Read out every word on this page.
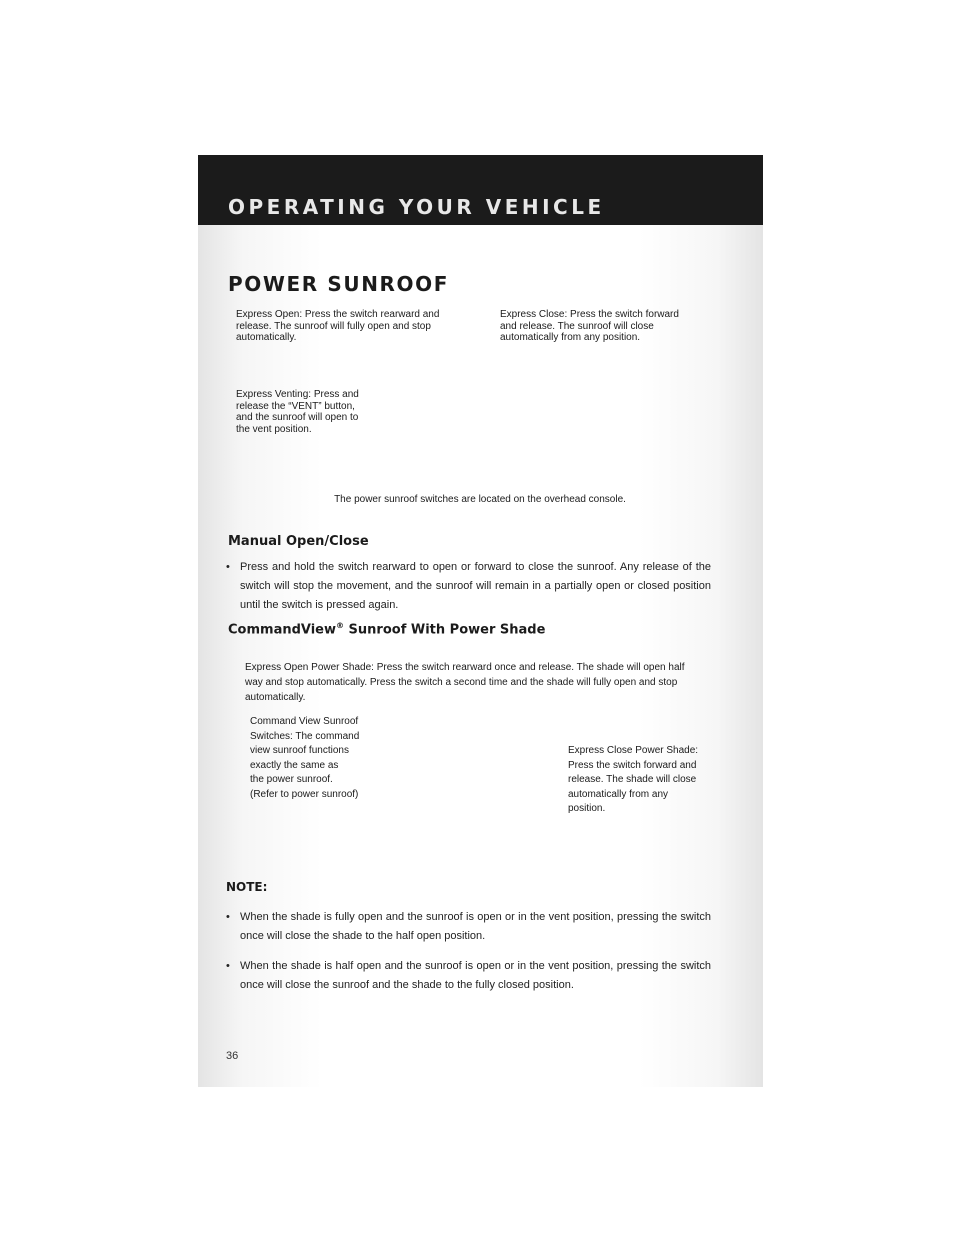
OPERATING YOUR VEHICLE
POWER SUNROOF
Express Open: Press the switch rearward and
release. The sunroof will fully open and stop
automatically.
Express Close: Press the switch forward
and release. The sunroof will close
automatically from any position.
Express Venting: Press and
release the “VENT” button,
and the sunroof will open to
the vent position.
The power sunroof switches are located on the overhead console.
Manual Open/Close
• Press and hold the switch rearward to open or forward to close the sunroof. Any release of the switch will stop the movement, and the sunroof will remain in a partially open or closed position until the switch is pressed again.
CommandView® Sunroof With Power Shade
Express Open Power Shade: Press the switch rearward once and release. The shade will open half
way and stop automatically. Press the switch a second time and the shade will fully open and stop
automatically.
Command View Sunroof
Switches: The command
view sunroof functions
exactly the same as
the power sunroof.
(Refer to power sunroof)
Express Close Power Shade:
Press the switch forward and
release. The shade will close
automatically from any
position.
NOTE:
• When the shade is fully open and the sunroof is open or in the vent position, pressing the switch once will close the shade to the half open position.
• When the shade is half open and the sunroof is open or in the vent position, pressing the switch once will close the sunroof and the shade to the fully closed position.
36
